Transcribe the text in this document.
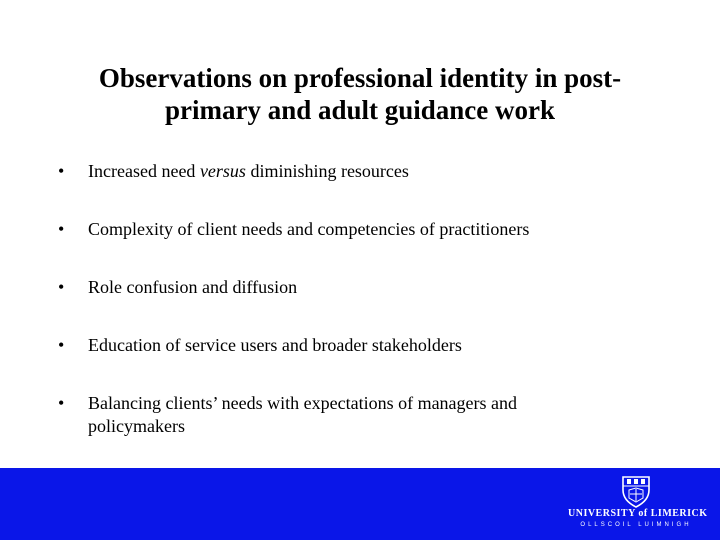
Observations on professional identity in post-
primary and adult guidance work
• Increased need versus diminishing resources
• Complexity of client needs and competencies of practitioners
• Role confusion and diffusion
• Education of service users and broader stakeholders
• Balancing clients’ needs with expectations of managers and policymakers
UNIVERSITY of LIMERICK
OLLSCOIL LUIMNIGH
